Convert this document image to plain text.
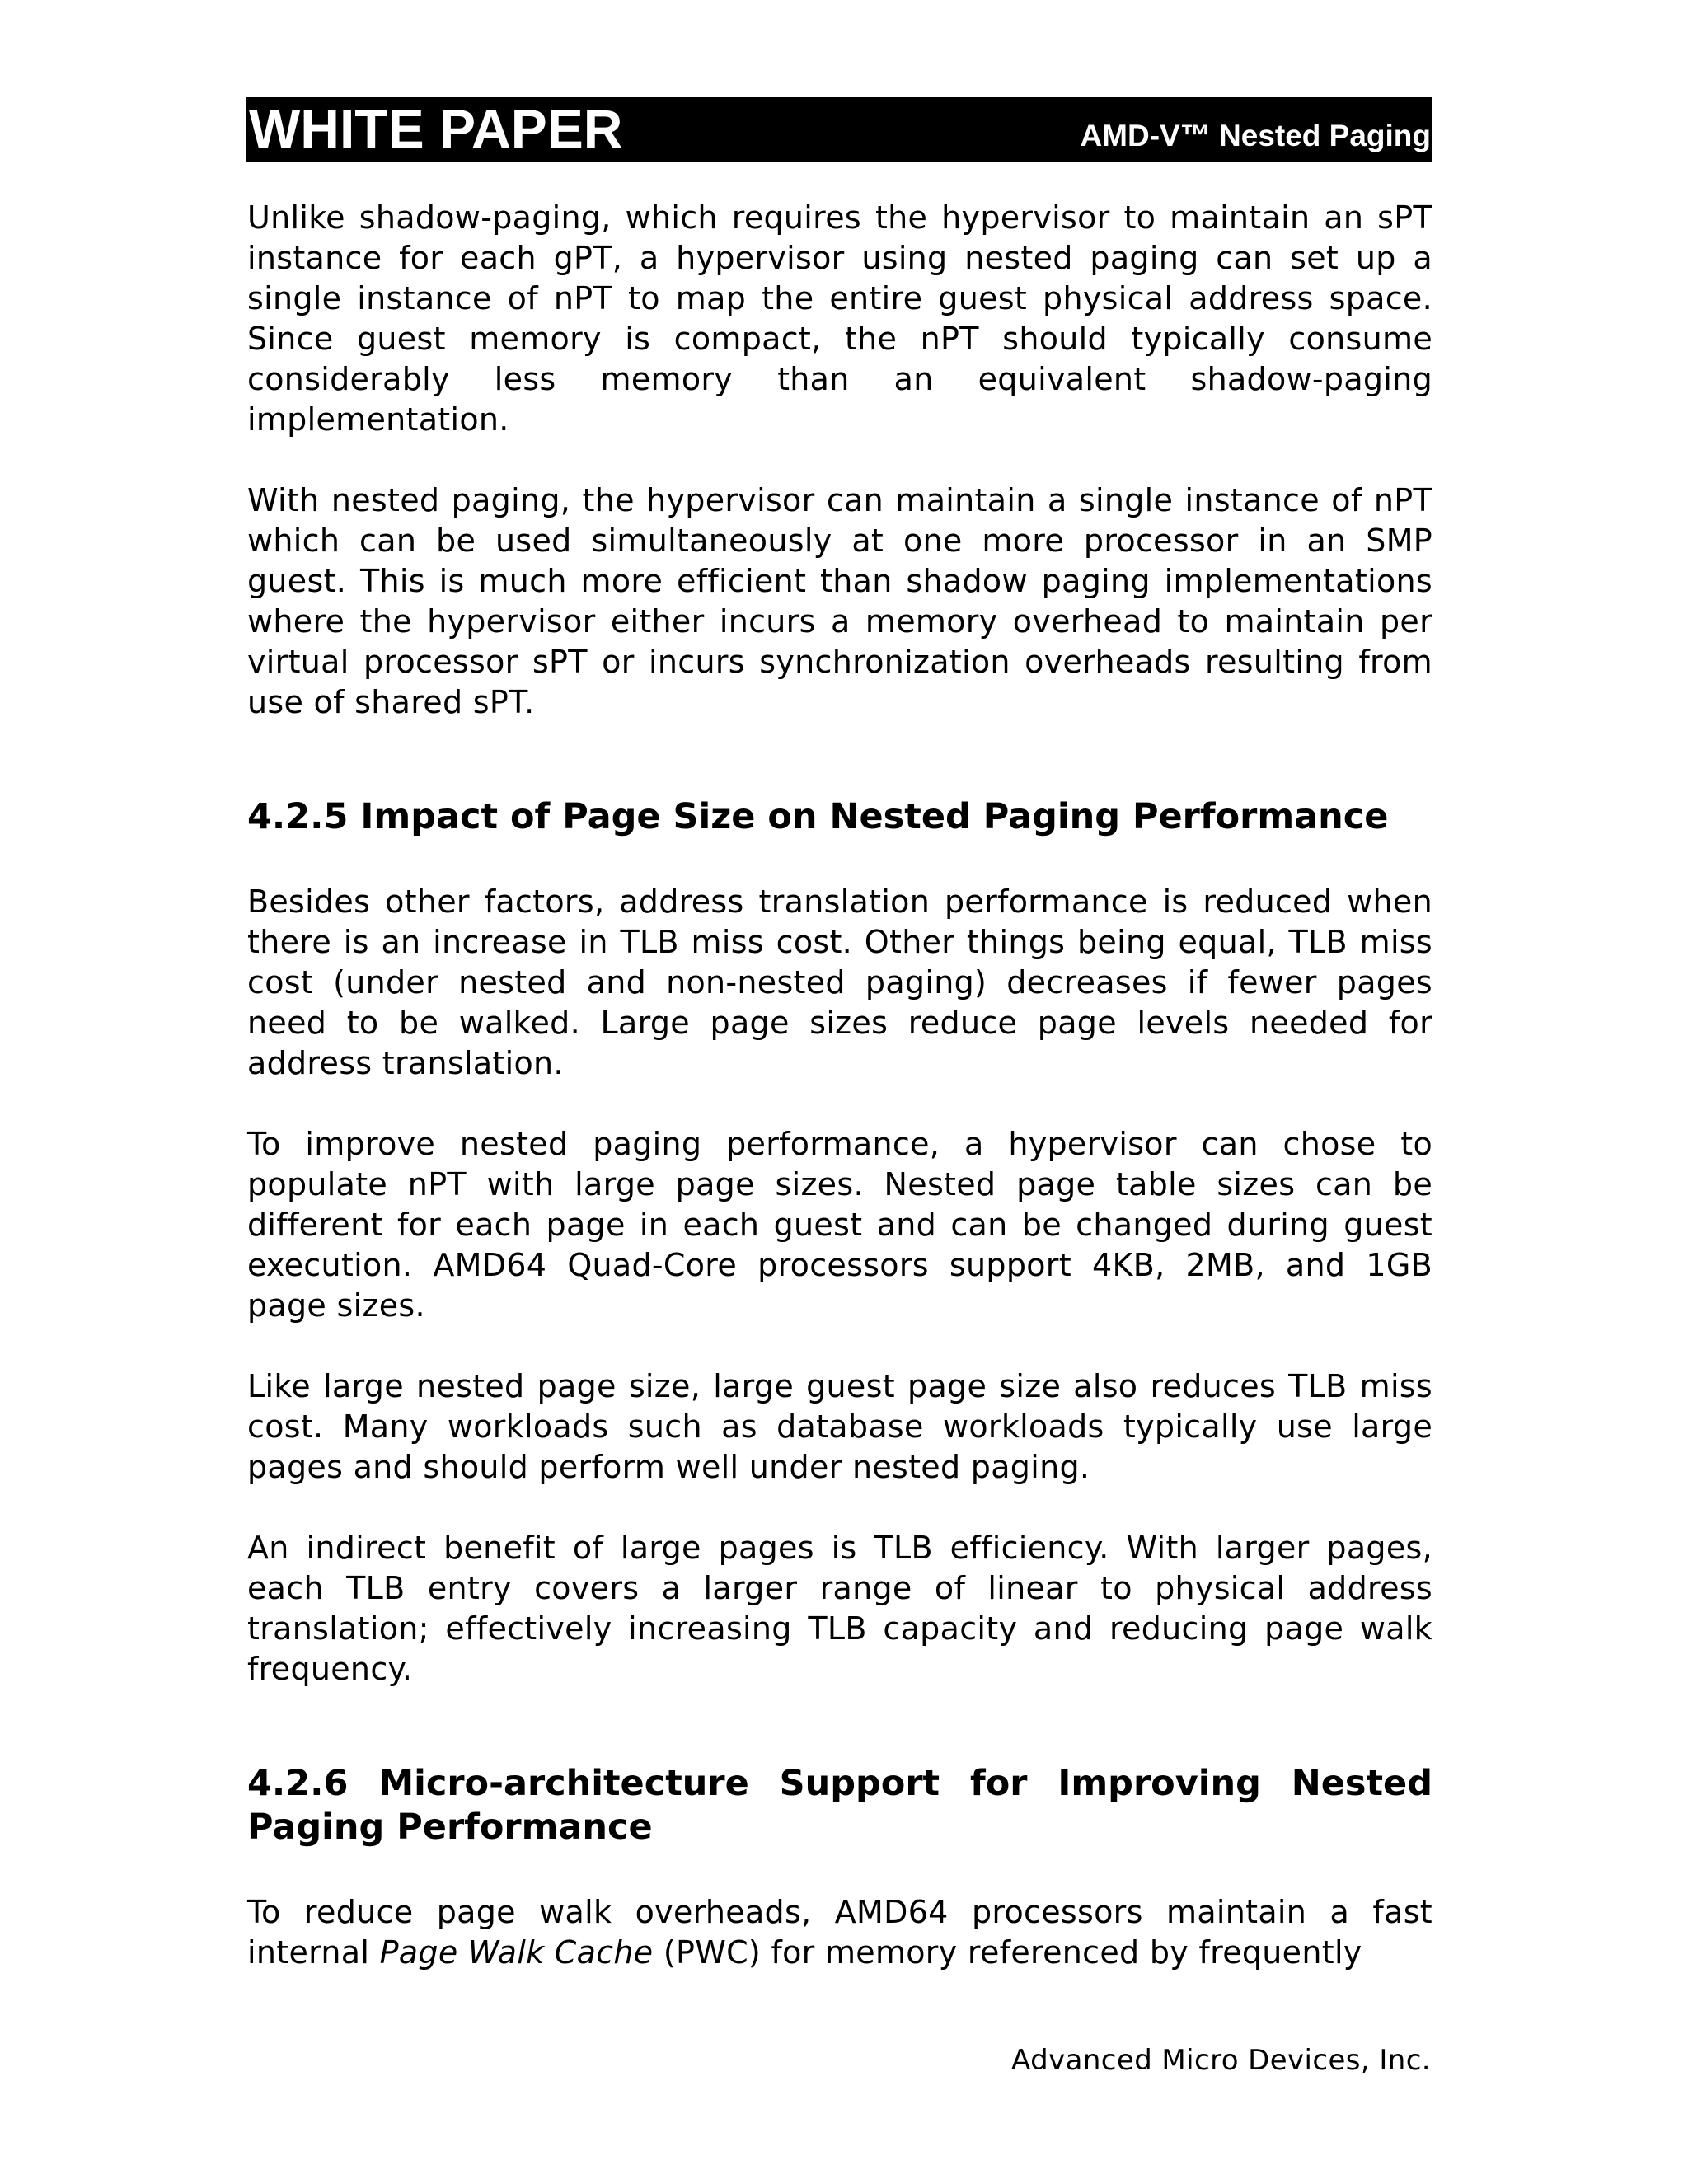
WHITE PAPER	AMD-V™ Nested Paging

Unlike shadow-paging, which requires the hypervisor to maintain an sPT instance for each gPT, a hypervisor using nested paging can set up a single instance of nPT to map the entire guest physical address space. Since guest memory is compact, the nPT should typically consume considerably less memory than an equivalent shadow-paging implementation.

With nested paging, the hypervisor can maintain a single instance of nPT which can be used simultaneously at one more processor in an SMP guest. This is much more efficient than shadow paging implementations where the hypervisor either incurs a memory overhead to maintain per virtual processor sPT or incurs synchronization overheads resulting from use of shared sPT.

4.2.5 Impact of Page Size on Nested Paging Performance

Besides other factors, address translation performance is reduced when there is an increase in TLB miss cost. Other things being equal, TLB miss cost (under nested and non-nested paging) decreases if fewer pages need to be walked. Large page sizes reduce page levels needed for address translation.

To improve nested paging performance, a hypervisor can chose to populate nPT with large page sizes. Nested page table sizes can be different for each page in each guest and can be changed during guest execution. AMD64 Quad-Core processors support 4KB, 2MB, and 1GB page sizes.

Like large nested page size, large guest page size also reduces TLB miss cost. Many workloads such as database workloads typically use large pages and should perform well under nested paging.

An indirect benefit of large pages is TLB efficiency. With larger pages, each TLB entry covers a larger range of linear to physical address translation; effectively increasing TLB capacity and reducing page walk frequency.

4.2.6 Micro-architecture Support for Improving Nested Paging Performance

To reduce page walk overheads, AMD64 processors maintain a fast internal Page Walk Cache (PWC) for memory referenced by frequently

Advanced Micro Devices, Inc.
